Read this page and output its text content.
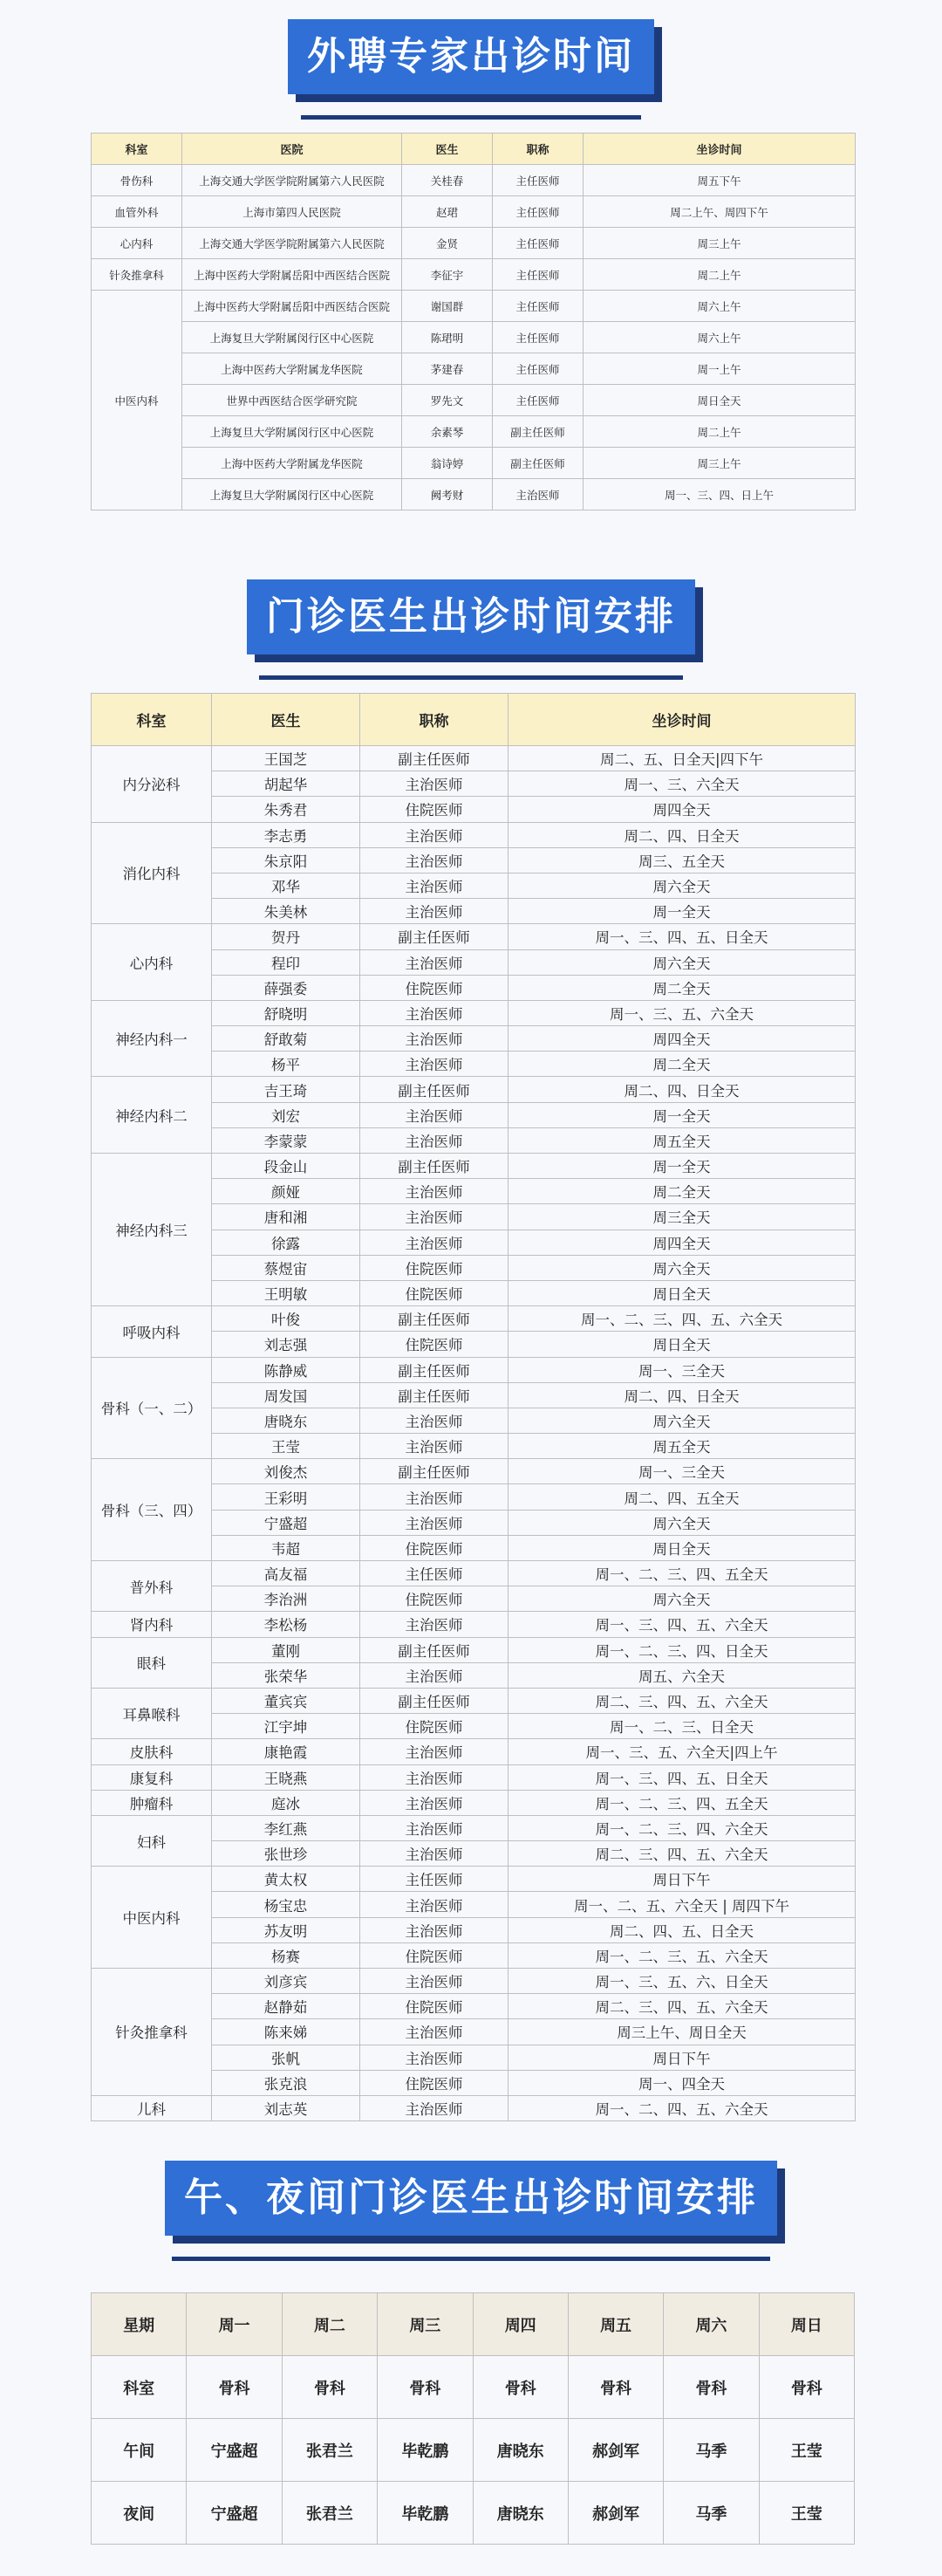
外聘专家出诊时间
科室	医院	医生	职称	坐诊时间
骨伤科	上海交通大学医学院附属第六人民医院	关桂春	主任医师	周五下午
血管外科	上海市第四人民医院	赵珺	主任医师	周二上午、周四下午
心内科	上海交通大学医学院附属第六人民医院	金贤	主任医师	周三上午
针灸推拿科	上海中医药大学附属岳阳中西医结合医院	李征宇	主任医师	周二上午
中医内科	上海中医药大学附属岳阳中西医结合医院	谢国群	主任医师	周六上午
	上海复旦大学附属闵行区中心医院	陈珺明	主任医师	周六上午
	上海中医药大学附属龙华医院	茅建春	主任医师	周一上午
	世界中西医结合医学研究院	罗先文	主任医师	周日全天
	上海复旦大学附属闵行区中心医院	余素琴	副主任医师	周二上午
	上海中医药大学附属龙华医院	翁诗婷	副主任医师	周三上午
	上海复旦大学附属闵行区中心医院	阙考财	主治医师	周一、三、四、日上午
门诊医生出诊时间安排
科室	医生	职称	坐诊时间
内分泌科	王国芝	副主任医师	周二、五、日全天|四下午
	胡起华	主治医师	周一、三、六全天
	朱秀君	住院医师	周四全天
消化内科	李志勇	主治医师	周二、四、日全天
	朱京阳	主治医师	周三、五全天
	邓华	主治医师	周六全天
	朱美林	主治医师	周一全天
心内科	贺丹	副主任医师	周一、三、四、五、日全天
	程印	主治医师	周六全天
	薛强委	住院医师	周二全天
神经内科一	舒晓明	主治医师	周一、三、五、六全天
	舒敢菊	主治医师	周四全天
	杨平	主治医师	周二全天
神经内科二	吉王琦	副主任医师	周二、四、日全天
	刘宏	主治医师	周一全天
	李蒙蒙	主治医师	周五全天
神经内科三	段金山	副主任医师	周一全天
	颜娅	主治医师	周二全天
	唐和湘	主治医师	周三全天
	徐露	主治医师	周四全天
	蔡煜宙	住院医师	周六全天
	王明敏	住院医师	周日全天
呼吸内科	叶俊	副主任医师	周一、二、三、四、五、六全天
	刘志强	住院医师	周日全天
骨科（一、二）	陈静威	副主任医师	周一、三全天
	周发国	副主任医师	周二、四、日全天
	唐晓东	主治医师	周六全天
	王莹	主治医师	周五全天
骨科（三、四）	刘俊杰	副主任医师	周一、三全天
	王彩明	主治医师	周二、四、五全天
	宁盛超	主治医师	周六全天
	韦超	住院医师	周日全天
普外科	高友福	主任医师	周一、二、三、四、五全天
	李治洲	住院医师	周六全天
肾内科	李松杨	主治医师	周一、三、四、五、六全天
眼科	董刚	副主任医师	周一、二、三、四、日全天
	张荣华	主治医师	周五、六全天
耳鼻喉科	董宾宾	副主任医师	周二、三、四、五、六全天
	江宇坤	住院医师	周一、二、三、日全天
皮肤科	康艳霞	主治医师	周一、三、五、六全天|四上午
康复科	王晓燕	主治医师	周一、三、四、五、日全天
肿瘤科	庭冰	主治医师	周一、二、三、四、五全天
妇科	李红燕	主治医师	周一、二、三、四、六全天
	张世珍	主治医师	周二、三、四、五、六全天
中医内科	黄太权	主任医师	周日下午
	杨宝忠	主治医师	周一、二、五、六全天 | 周四下午
	苏友明	主治医师	周二、四、五、日全天
	杨赛	住院医师	周一、二、三、五、六全天
针灸推拿科	刘彦宾	主治医师	周一、三、五、六、日全天
	赵静茹	住院医师	周二、三、四、五、六全天
	陈来娣	主治医师	周三上午、周日全天
	张帆	主治医师	周日下午
	张克浪	住院医师	周一、四全天
儿科	刘志英	主治医师	周一、二、四、五、六全天
午、夜间门诊医生出诊时间安排
星期	周一	周二	周三	周四	周五	周六	周日
科室	骨科	骨科	骨科	骨科	骨科	骨科	骨科
午间	宁盛超	张君兰	毕乾鹏	唐晓东	郝剑军	马季	王莹
夜间	宁盛超	张君兰	毕乾鹏	唐晓东	郝剑军	马季	王莹
